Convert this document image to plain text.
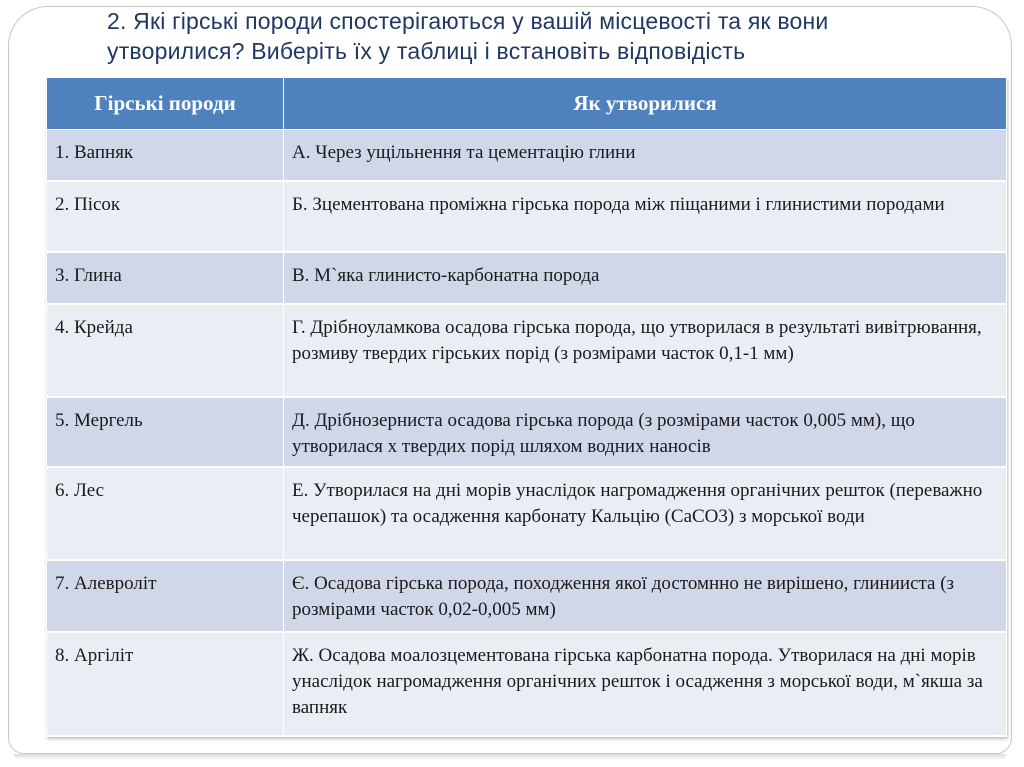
2. Які гірські породи спостерігаються у вашій місцевості та як вони
утворилися? Виберіть їх у таблиці і встановіть відповідість
Гірські породи	Як утворилися
1. Вапняк	А. Через ущільнення та цементацію глини
2. Пісок	Б. Зцементована проміжна гірська порода між піщаними і глинистими породами
3. Глина	В. М`яка глинисто-карбонатна порода
4. Крейда	Г. Дрібноуламкова осадова гірська порода, що утворилася в результаті вивітрювання, розмиву твердих гірських порід (з розмірами часток 0,1-1 мм)
5. Мергель	Д. Дрібнозерниста осадова гірська порода (з розмірами часток 0,005 мм), що утворилася х твердих порід шляхом водних наносів
6. Лес	Е. Утворилася на дні морів унаслідок нагромадження органічних решток (переважно черепашок) та осадження карбонату Кальцію (CaCO3) з морської води
7. Алевроліт	Є. Осадова гірська порода, походження якої достомнно не вирішено, глинииста (з розмірами часток 0,02-0,005 мм)
8. Аргіліт	Ж. Осадова моалозцементована гірська карбонатна порода. Утворилася на дні морів унаслідок нагромадження органічних решток і осадження з морської води, м`якша за вапняк
